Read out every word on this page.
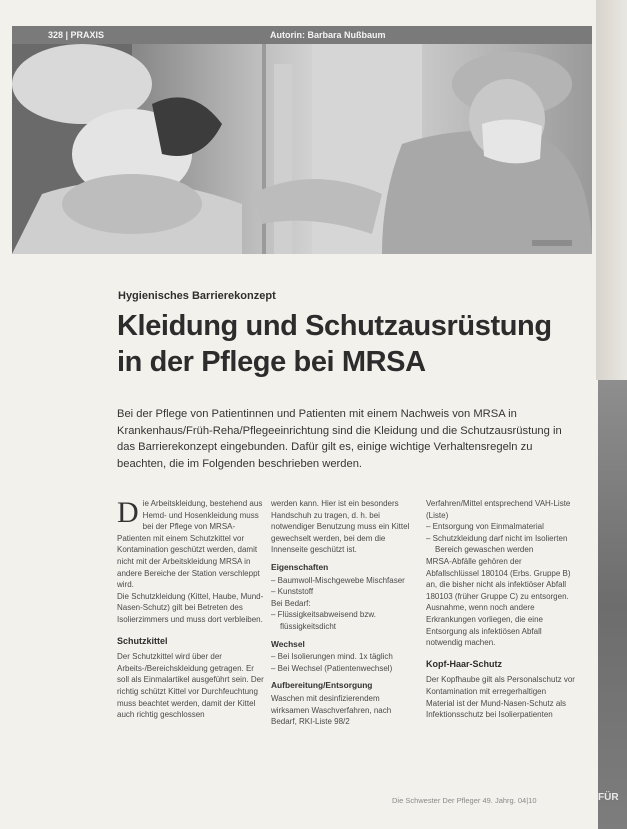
328 | PRAXIS	Autorin: Barbara Nußbaum
Hygienisches Barrierekonzept
Kleidung und Schutzausrüstung
in der Pflege bei MRSA
Bei der Pflege von Patientinnen und Patienten mit einem Nachweis von MRSA in Krankenhaus/Früh-Reha/Pflegeeinrichtung sind die Kleidung und die Schutzausrüstung in das Barrierekonzept eingebunden. Dafür gilt es, einige wichtige Verhaltensregeln zu beachten, die im Folgenden beschrieben werden.

Die Arbeitskleidung, bestehend aus Hemd- und Hosenkleidung muss bei der Pflege von MRSA-Patienten mit einem Schutzkittel vor Kontamination geschützt werden, damit nicht mit der Arbeitskleidung MRSA in andere Bereiche der Station verschleppt wird.

Die Schutzkleidung (Kittel, Haube, Mund-Nasen-Schutz) gilt bei Betreten des Isolierzimmers und muss dort verbleiben.

Schutzkittel

Der Schutzkittel wird über der Arbeits-/Bereichskleidung getragen. Er soll als Einmalartikel ausgeführt sein. Der richtig schützt Kittel vor Durchfeuchtung muss beachtet werden, damit der Kittel auch richtig geschlossen

werden kann. Hier ist ein besonders Handschuh zu tragen, d. h. bei notwendiger Benutzung muss ein Kittel gewechselt werden, bei dem die Innenseite geschützt ist.

Eigenschaften
– Baumwoll-Mischgewebe Mischfaser
– Kunststoff

Bei Bedarf:

– Flüssigkeitsabweisend bzw. flüssigkeitsdicht
Wechsel
– Bei Isolierungen mind. 1x täglich
– Bei Wechsel (Patientenwechsel)
Aufbereitung/Entsorgung

Waschen mit desinfizierendem wirksamen Waschverfahren, nach Bedarf, RKI-Liste 98/2

Verfahren/Mittel entsprechend VAH-Liste (Liste)

– Entsorgung von Einmalmaterial
– Schutzkleidung darf nicht im Isolierten Bereich gewaschen werden

MRSA-Abfälle gehören der Abfallschlüssel 180104 (Erbs. Gruppe B) an, die bisher nicht als infektiöser Abfall 180103 (früher Gruppe C) zu entsorgen. Ausnahme, wenn noch andere Erkrankungen vorliegen, die eine Entsorgung als infektiösen Abfall notwendig machen.

Kopf-Haar-Schutz

Der Kopfhaube gilt als Personalschutz vor Kontamination mit erregerhaltigen Material ist der Mund-Nasen-Schutz als Infektionsschutz bei Isolierpatienten

Die Schwester Der Pfleger 49. Jahrg. 04|10	FÜR
